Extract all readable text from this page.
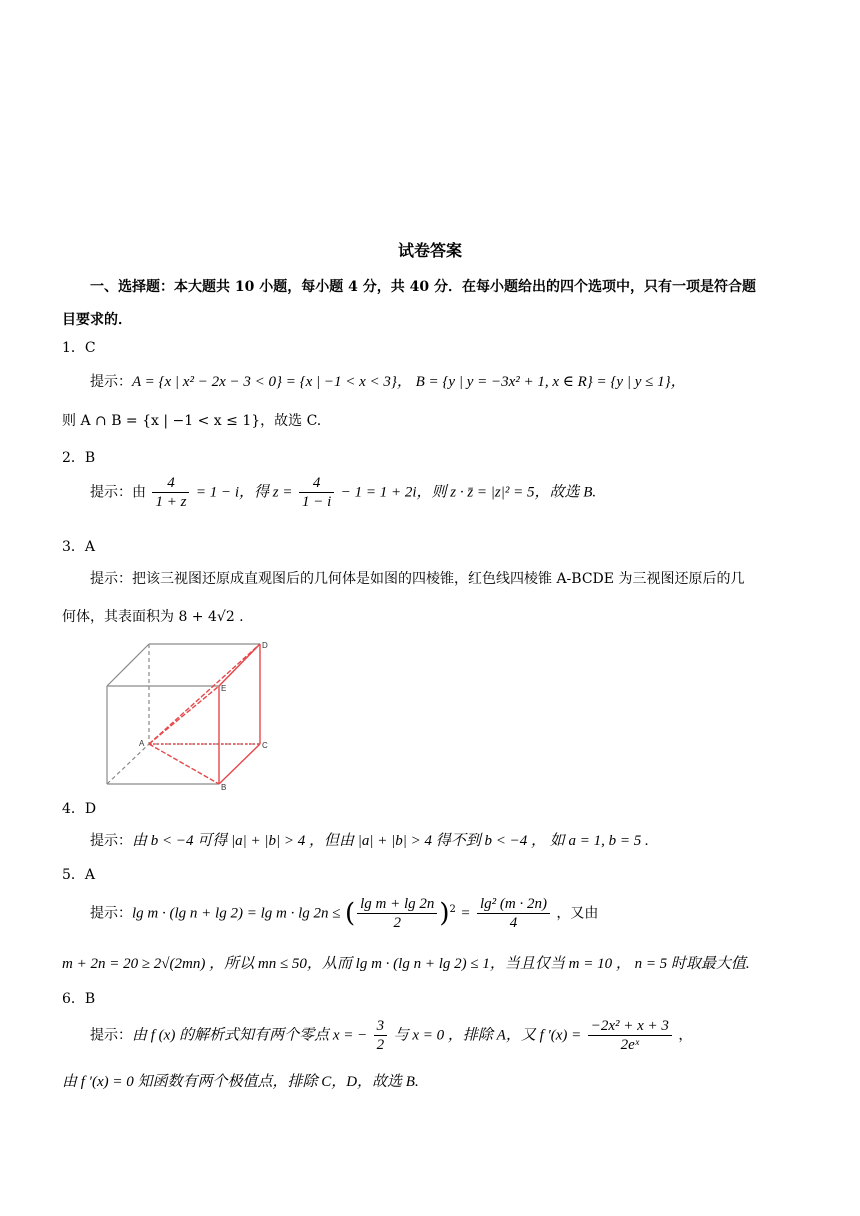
试卷答案
一、选择题：本大题共 10 小题，每小题 4 分，共 40 分．在每小题给出的四个选项中，只有一项是符合题
目要求的．
1．C
提示：A = {x | x² − 2x − 3 < 0} = {x | −1 < x < 3}， B = {y | y = −3x² + 1, x ∈ R} = {y | y ≤ 1}，
则 A ∩ B = {x | −1 < x ≤ 1}，故选 C.
2．B
提示：由 $\frac{4}{1 + z} = 1 - i$，得 $z = \frac{4}{1 - i} - 1 = 1 + 2i$，则 z · z̄ = |z|² = 5，故选 B.
3．A
提示：把该三视图还原成直观图后的几何体是如图的四棱锥，红色线四棱锥 A-BCDE 为三视图还原后的几
何体，其表面积为 8 + 4√2 .
D
E
A	C
B
4．D
提示：由 b < −4 可得 |a| + |b| > 4 ，但由 |a| + |b| > 4 得不到 b < −4 ， 如 a = 1, b = 5 .
5．A
提示：lg m · (lg n + lg 2) = lg m · lg 2n ≤ ( $\frac{\text{lg m + lg 2n}}{2} )^2 = \frac{\text{lg² (m · 2n)}}{4}$ ，又由
m + 2n = 20 ≥ 2√(2mn) ，所以 mn ≤ 50，从而 lg m · (lg n + lg 2) ≤ 1，当且仅当 m = 10 ， n = 5 时取最大值.
6．B
提示：由 f (x) 的解析式知有两个零点 x = − $\frac{3}{2}$ 与 x = 0 ，排除 A，又 f $'(x) = \frac{\text{−2x² + x + 3}}{\text{2eˣ}}$ ，
由 f ′(x) = 0 知函数有两个极值点，排除 C，D，故选 B.
